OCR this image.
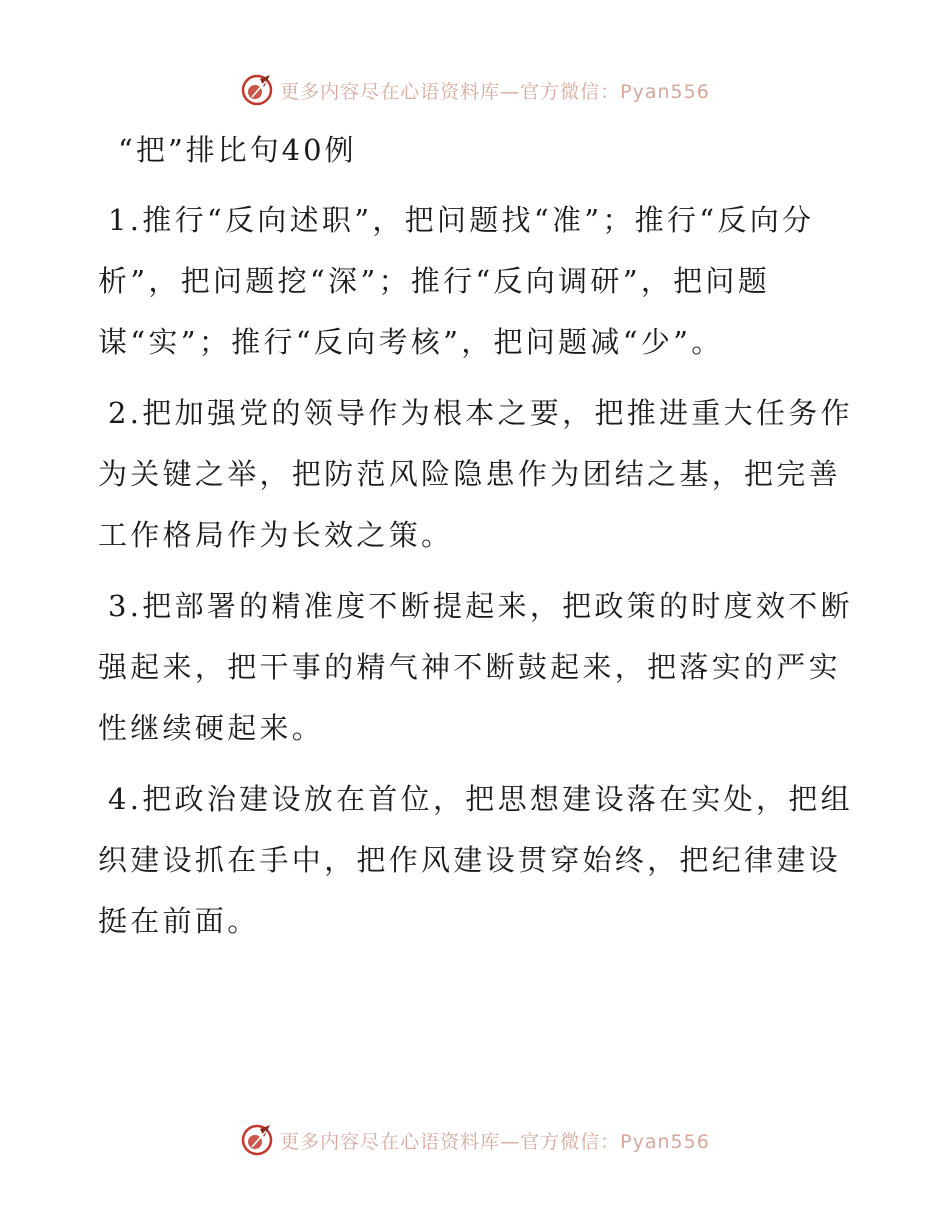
更多内容尽在心语资料库—官方微信：Pyan556
“把”排比句40例

1.推行“反向述职”，把问题找“准”；推行“反向分析”，把问题挖“深”；推行“反向调研”，把问题谋“实”；推行“反向考核”，把问题减“少”。

2.把加强党的领导作为根本之要，把推进重大任务作为关键之举，把防范风险隐患作为团结之基，把完善工作格局作为长效之策。

3.把部署的精准度不断提起来，把政策的时度效不断强起来，把干事的精气神不断鼓起来，把落实的严实性继续硬起来。

4.把政治建设放在首位，把思想建设落在实处，把组织建设抓在手中，把作风建设贯穿始终，把纪律建设挺在前面。

更多内容尽在心语资料库—官方微信：Pyan556
